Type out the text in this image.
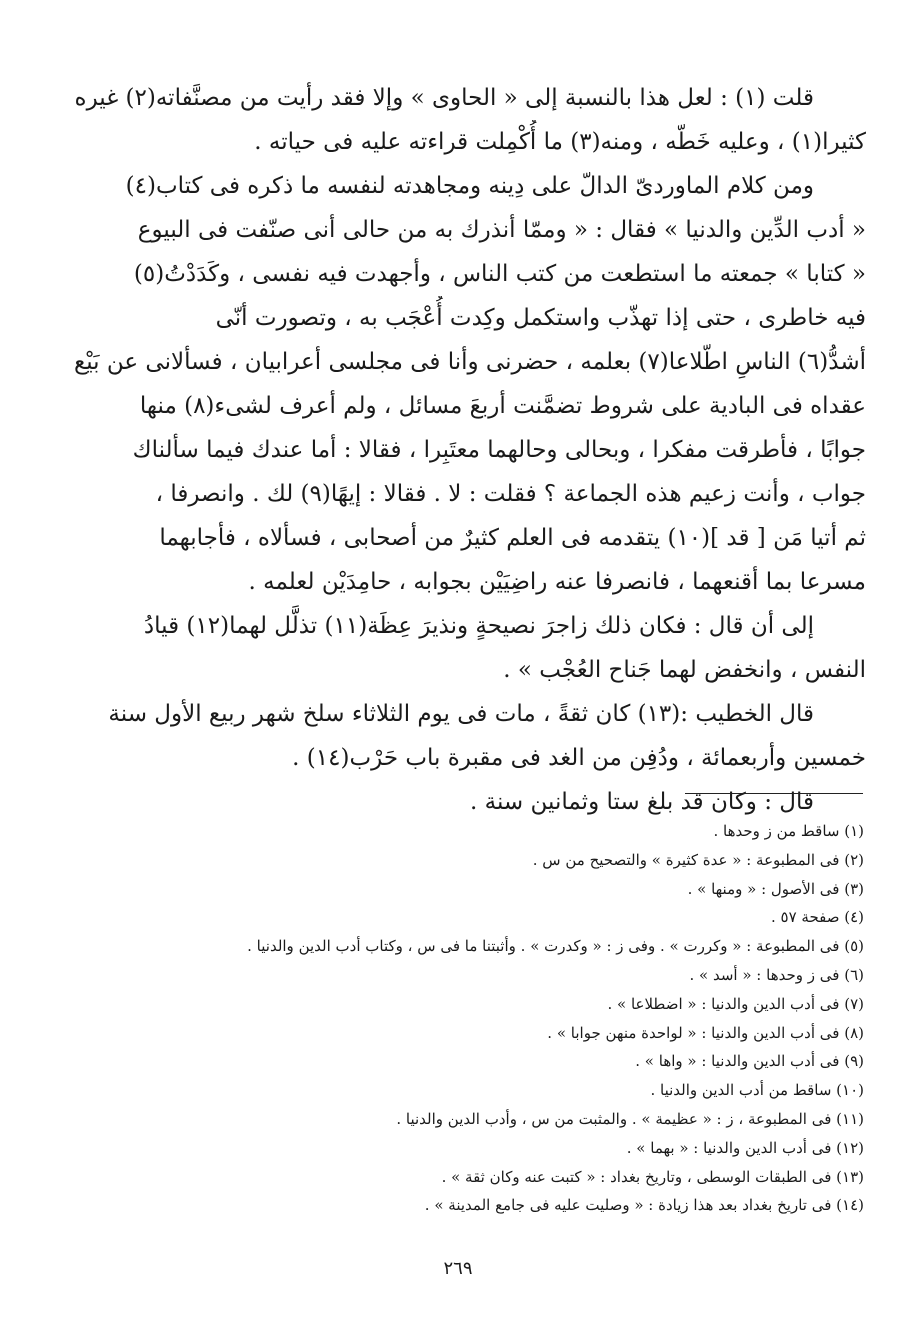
قلت (١) : لعل هذا بالنسبة إلى « الحاوى » وإلا فقد رأيت من مصنَّفاته(٢) غيره
كثيرا(١) ، وعليه خَطّه ، ومنه(٣) ما أُكْمِلت قراءته عليه فى حياته .
ومن كلام الماوردىّ الدالّ على دِينه ومجاهدته لنفسه ما ذكره فى كتاب(٤)
« أدب الدِّين والدنيا » فقال : « وممّا أنذرك به من حالى أنى صنّفت فى البيوع
« كتابا » جمعته ما استطعت من كتب الناس ، وأجهدت فيه نفسى ، وكَدَدْتُ(٥)
فيه خاطرى ، حتى إذا تهذّب واستكمل وكِدت أُعْجَب به ، وتصورت أنّى
أشدُّ(٦) الناسِ اطّلاعا(٧) بعلمه ، حضرنى وأنا فى مجلسى أعرابيان ، فسألانى عن بَيْع
عقداه فى البادية على شروط تضمَّنت أربعَ مسائل ، ولم أعرف لشىء(٨) منها
جوابًا ، فأطرقت مفكرا ، وبحالى وحالهما معتَبِرا ، فقالا : أما عندك فيما سألناك
جواب ، وأنت زعيم هذه الجماعة ؟ فقلت : لا . فقالا : إيهًا(٩) لك . وانصرفا ،
ثم أتيا مَن [ قد ](١٠) يتقدمه فى العلم كثيرٌ من أصحابى ، فسألاه ، فأجابهما
مسرعا بما أقنعهما ، فانصرفا عنه راضِيَيْن بجوابه ، حامِدَيْن لعلمه .
إلى أن قال : فكان ذلك زاجرَ نصيحةٍ ونذيرَ عِظَة(١١) تذلَّل لهما(١٢) قيادُ
النفس ، وانخفض لهما جَناح العُجْب » .
قال الخطيب :(١٣) كان ثقةً ، مات فى يوم الثلاثاء سلخ شهر ربيع الأول سنة
خمسين وأربعمائة ، ودُفِن من الغد فى مقبرة باب حَرْب(١٤) .
قال : وكان قد بلغ ستا وثمانين سنة .
(١) ساقط من ز وحدها .
(٢) فى المطبوعة : « عدة كثيرة » والتصحيح من س .
(٣) فى الأصول : « ومنها » .
(٤) صفحة ٥٧ .
(٥) فى المطبوعة : « وكررت » . وفى ز : « وكدرت » . وأثبتنا ما فى س ، وكتاب أدب الدين والدنيا .
(٦) فى ز وحدها : « أسد » .
(٧) فى أدب الدين والدنيا : « اضطلاعا » .
(٨) فى أدب الدين والدنيا : « لواحدة منهن جوابا » .
(٩) فى أدب الدين والدنيا : « واها » .
(١٠) ساقط من أدب الدين والدنيا .
(١١) فى المطبوعة ، ز : « عظيمة » . والمثبت من س ، وأدب الدين والدنيا .
(١٢) فى أدب الدين والدنيا : « بهما » .
(١٣) فى الطبقات الوسطى ، وتاريخ بغداد : « كتبت عنه وكان ثقة » .
(١٤) فى تاريخ بغداد بعد هذا زيادة : « وصليت عليه فى جامع المدينة » .
٢٦٩
